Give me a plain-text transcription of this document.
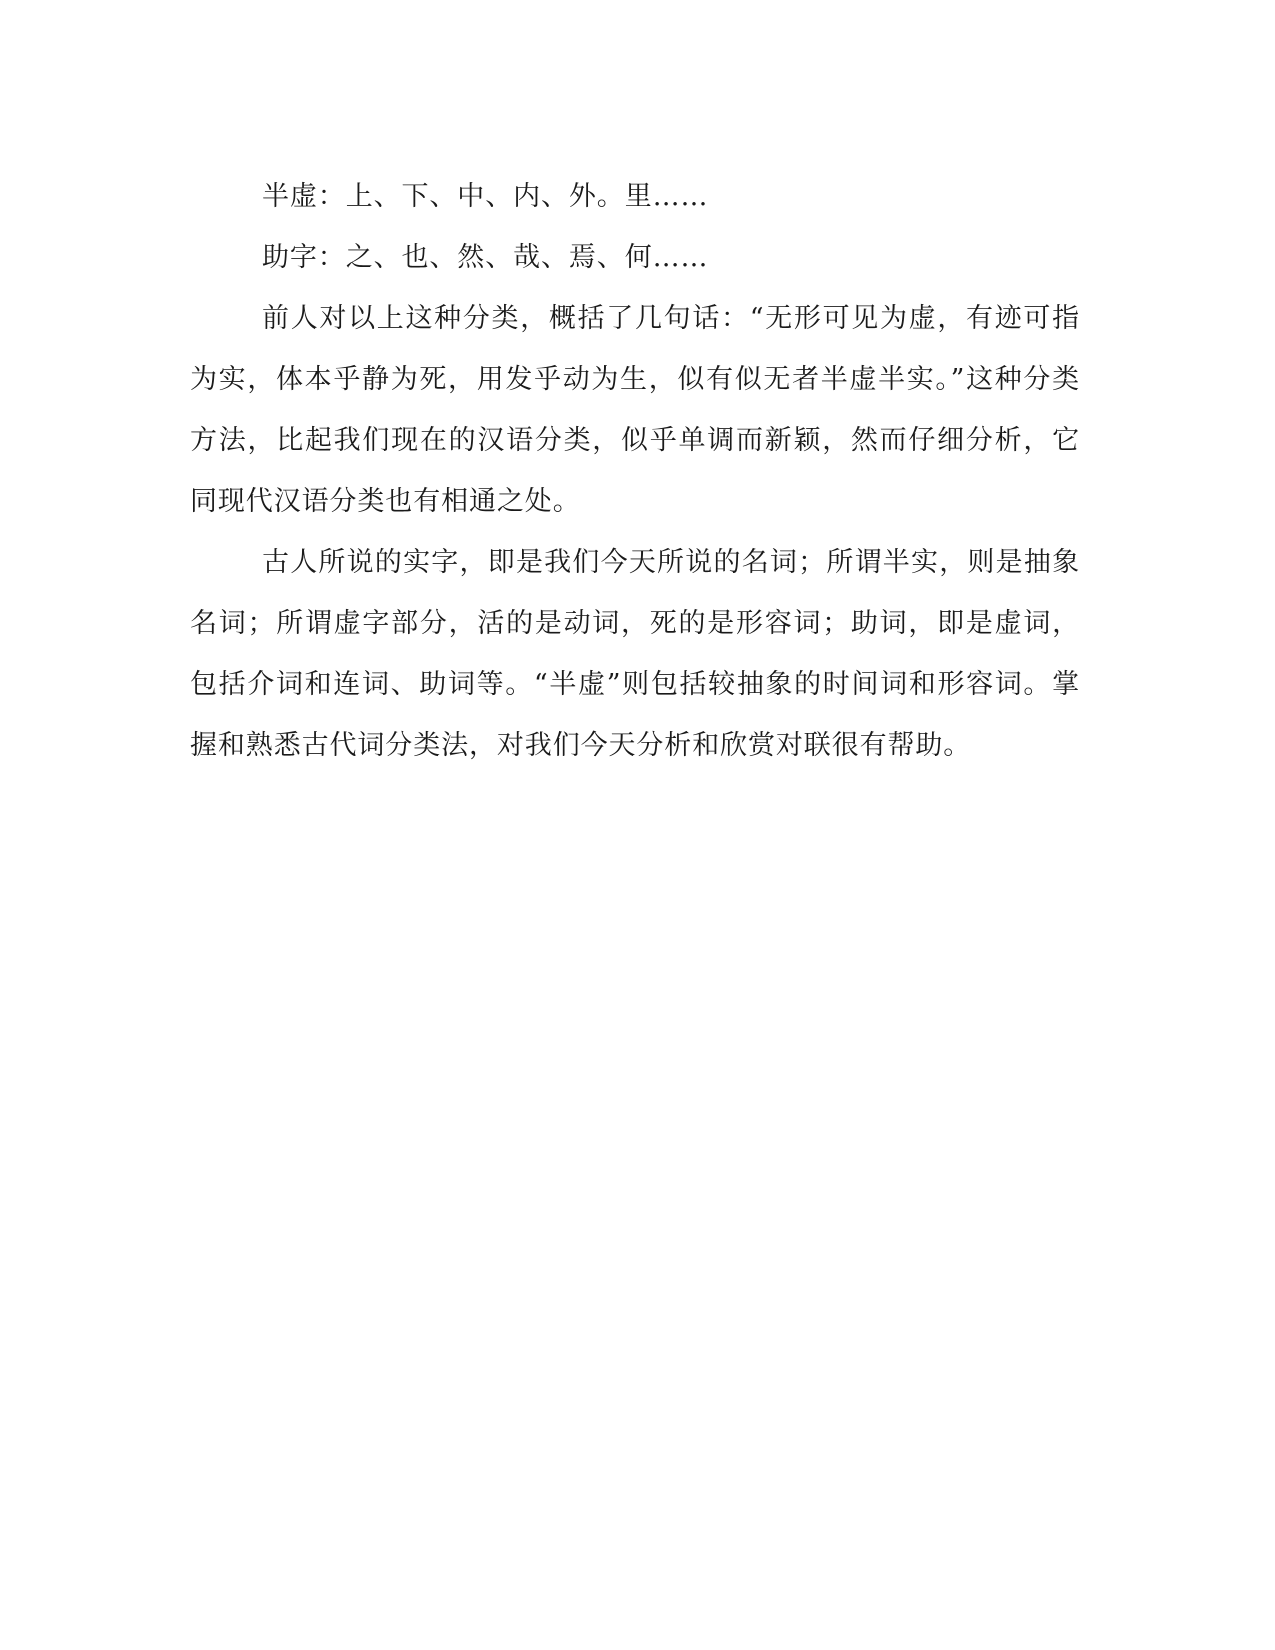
半虚：上、下、中、内、外。里……

助字：之、也、然、哉、焉、何……

前人对以上这种分类，概括了几句话：“无形可见为虚，有迹可指为实，体本乎静为死，用发乎动为生，似有似无者半虚半实。”这种分类方法，比起我们现在的汉语分类，似乎单调而新颖，然而仔细分析，它同现代汉语分类也有相通之处。

古人所说的实字，即是我们今天所说的名词；所谓半实，则是抽象名词；所谓虚字部分，活的是动词，死的是形容词；助词，即是虚词，包括介词和连词、助词等。“半虚”则包括较抽象的时间词和形容词。掌握和熟悉古代词分类法，对我们今天分析和欣赏对联很有帮助。
